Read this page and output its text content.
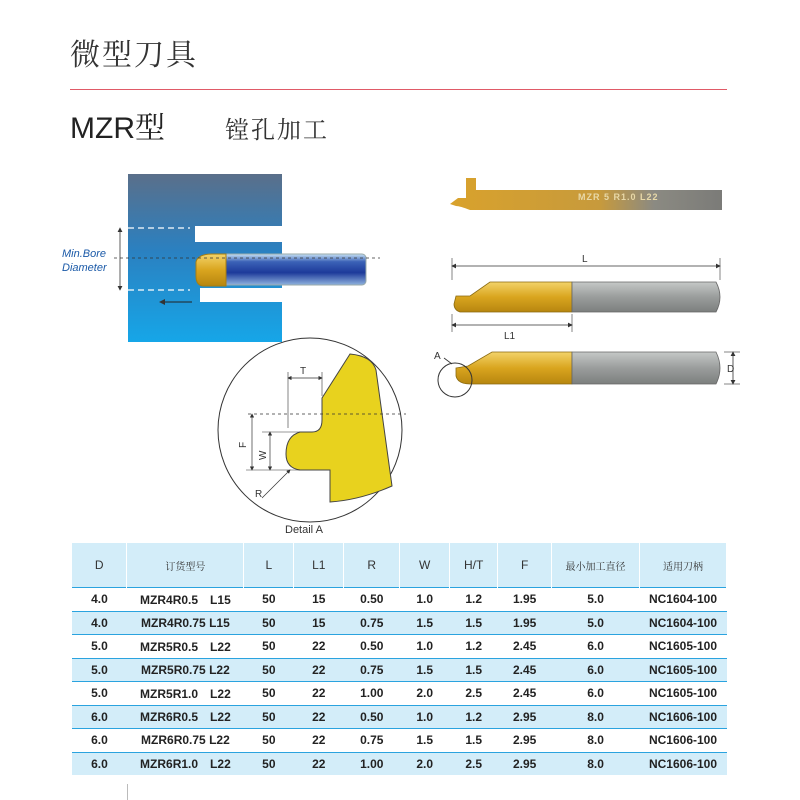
微型刀具
MZR型	镗孔加工
Min.Bore
Diameter
MZR 5 R1.0 L22
L
L1
A
D
T
F
W
R
Detail A
D	订货型号	L	L1	R	W	H/T	F	最小加工直径	适用刀柄
4.0	MZR4R0.5　L15	50	15	0.50	1.0	1.2	1.95	5.0	NC1604-100
4.0	MZR4R0.75 L15	50	15	0.75	1.5	1.5	1.95	5.0	NC1604-100
5.0	MZR5R0.5　L22	50	22	0.50	1.0	1.2	2.45	6.0	NC1605-100
5.0	MZR5R0.75 L22	50	22	0.75	1.5	1.5	2.45	6.0	NC1605-100
5.0	MZR5R1.0　L22	50	22	1.00	2.0	2.5	2.45	6.0	NC1605-100
6.0	MZR6R0.5　L22	50	22	0.50	1.0	1.2	2.95	8.0	NC1606-100
6.0	MZR6R0.75 L22	50	22	0.75	1.5	1.5	2.95	8.0	NC1606-100
6.0	MZR6R1.0　L22	50	22	1.00	2.0	2.5	2.95	8.0	NC1606-100
